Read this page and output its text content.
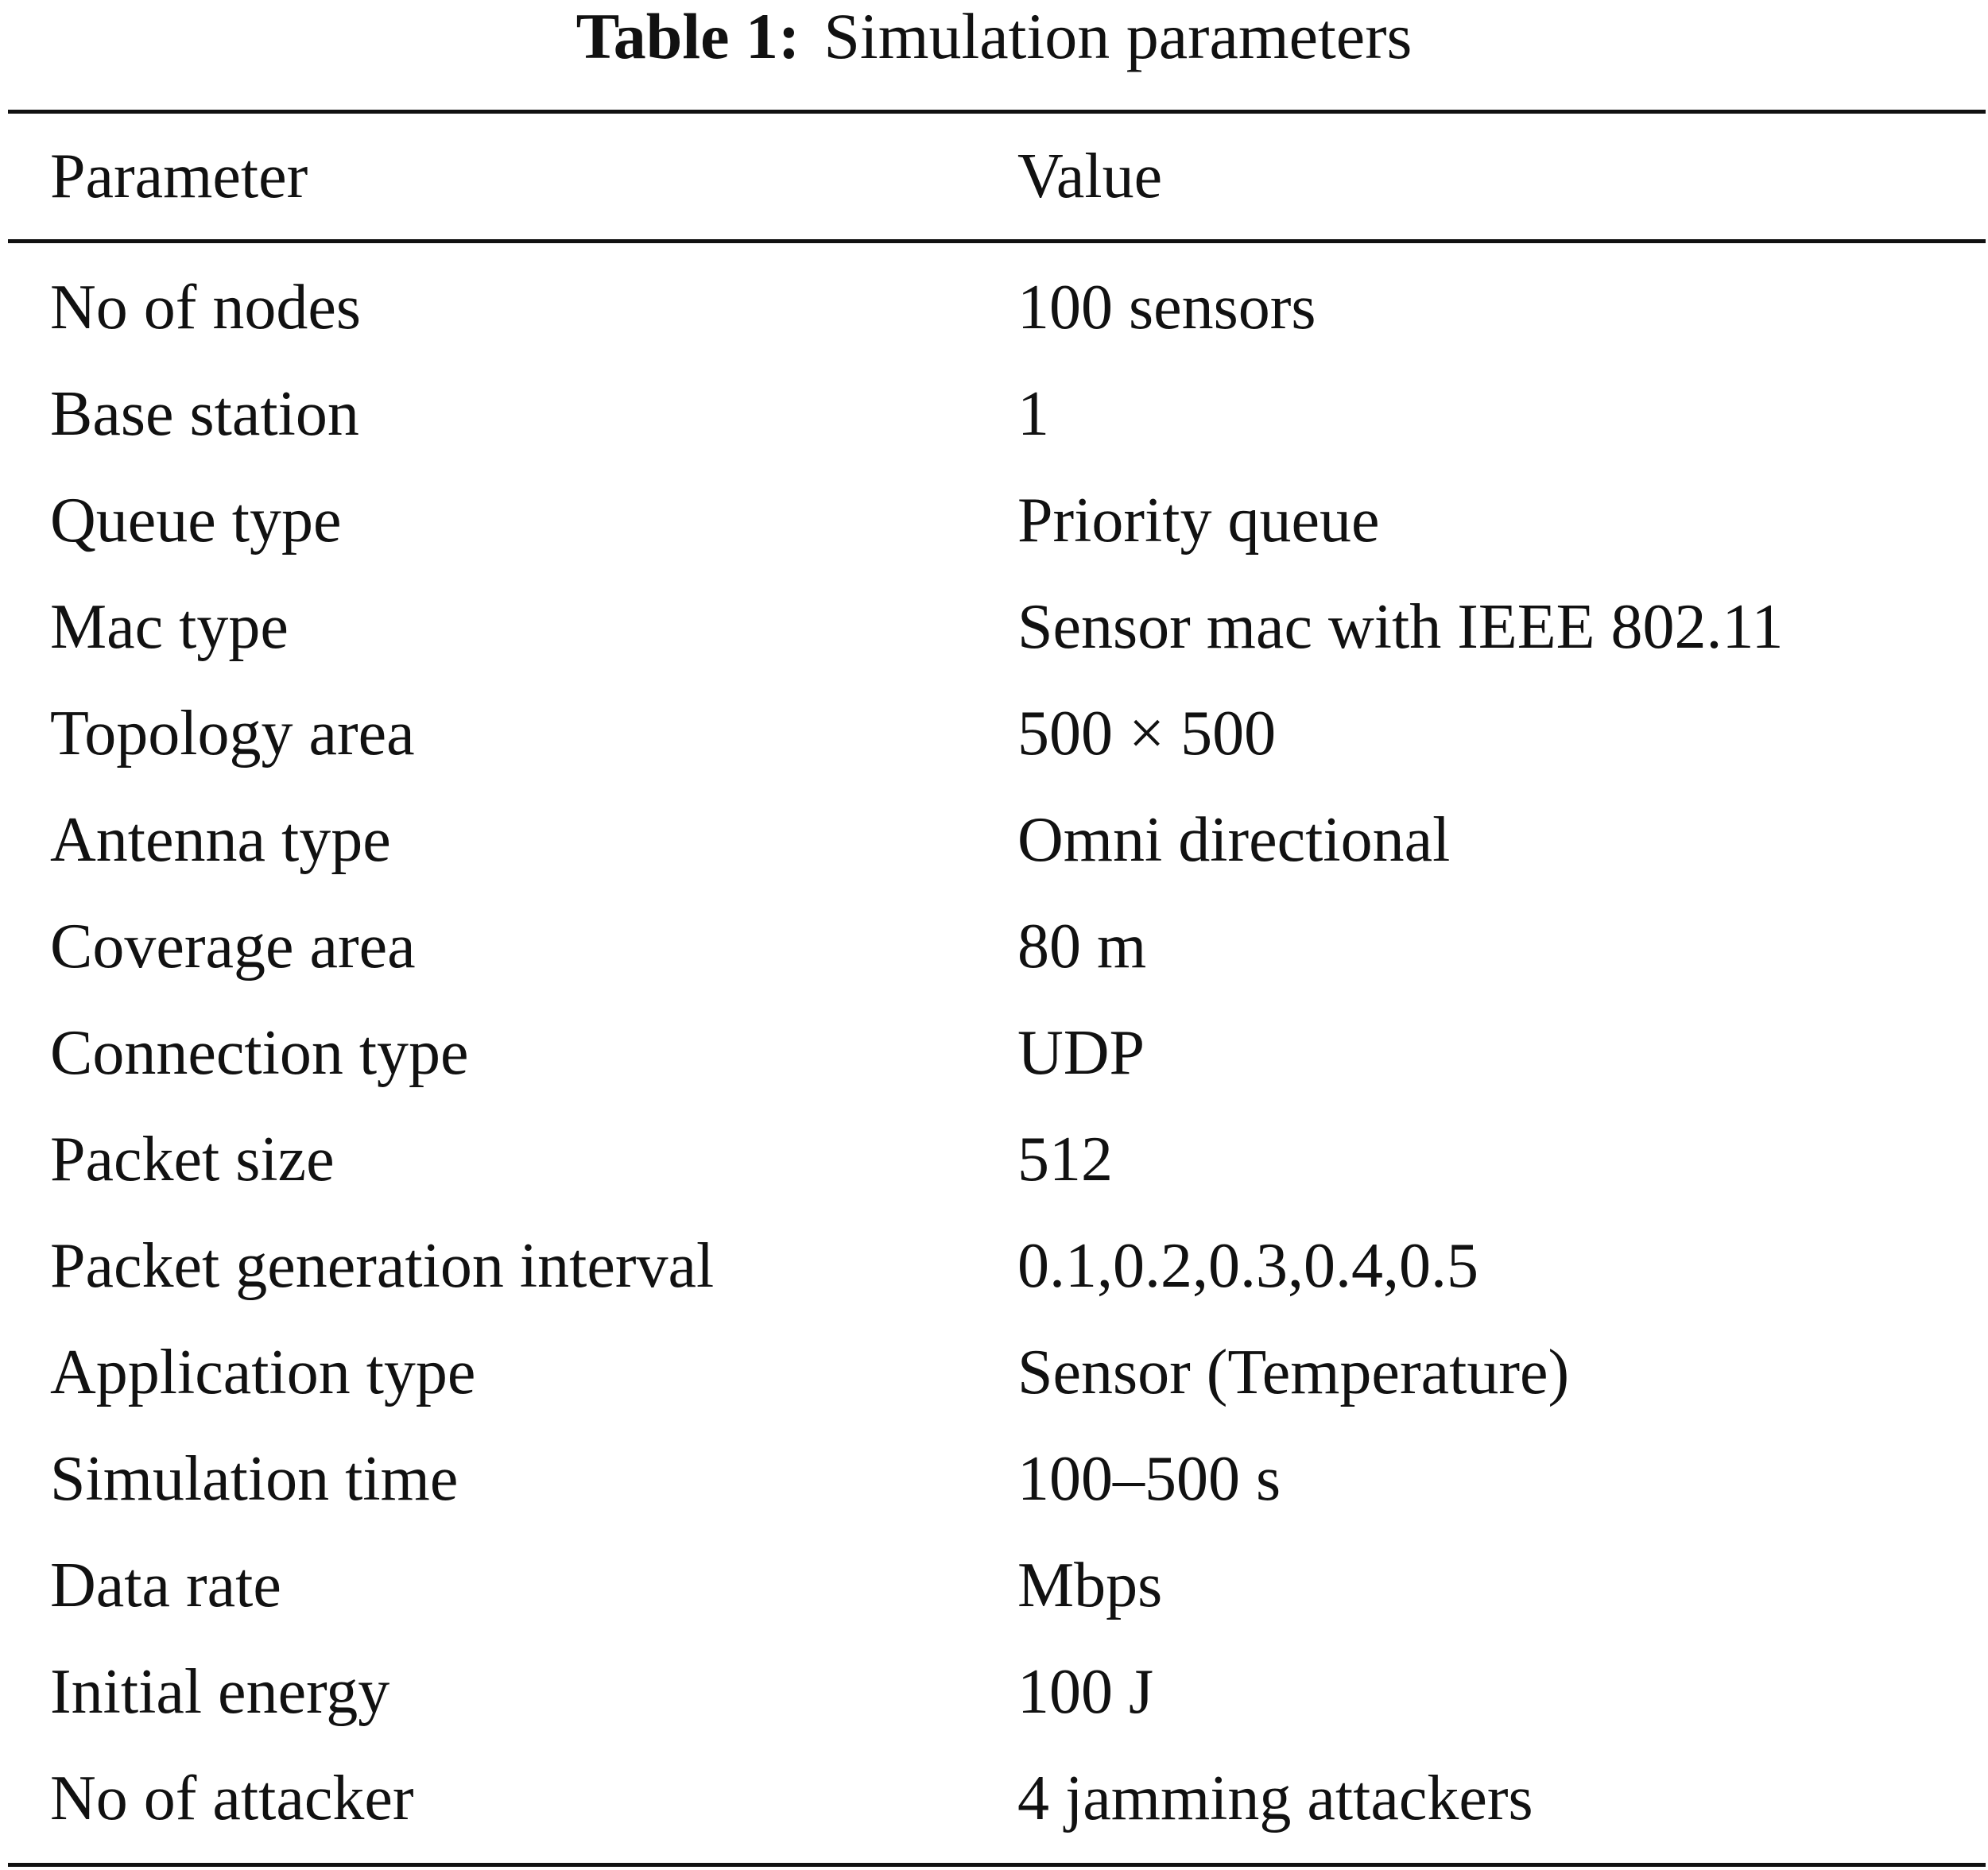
Table 1: Simulation parameters
Parameter	Value
No of nodes	100 sensors
Base station	1
Queue type	Priority queue
Mac type	Sensor mac with IEEE 802.11
Topology area	500 × 500
Antenna type	Omni directional
Coverage area	80 m
Connection type	UDP
Packet size	512
Packet generation interval	0.1,0.2,0.3,0.4,0.5
Application type	Sensor (Temperature)
Simulation time	100–500 s
Data rate	Mbps
Initial energy	100 J
No of attacker	4 jamming attackers
